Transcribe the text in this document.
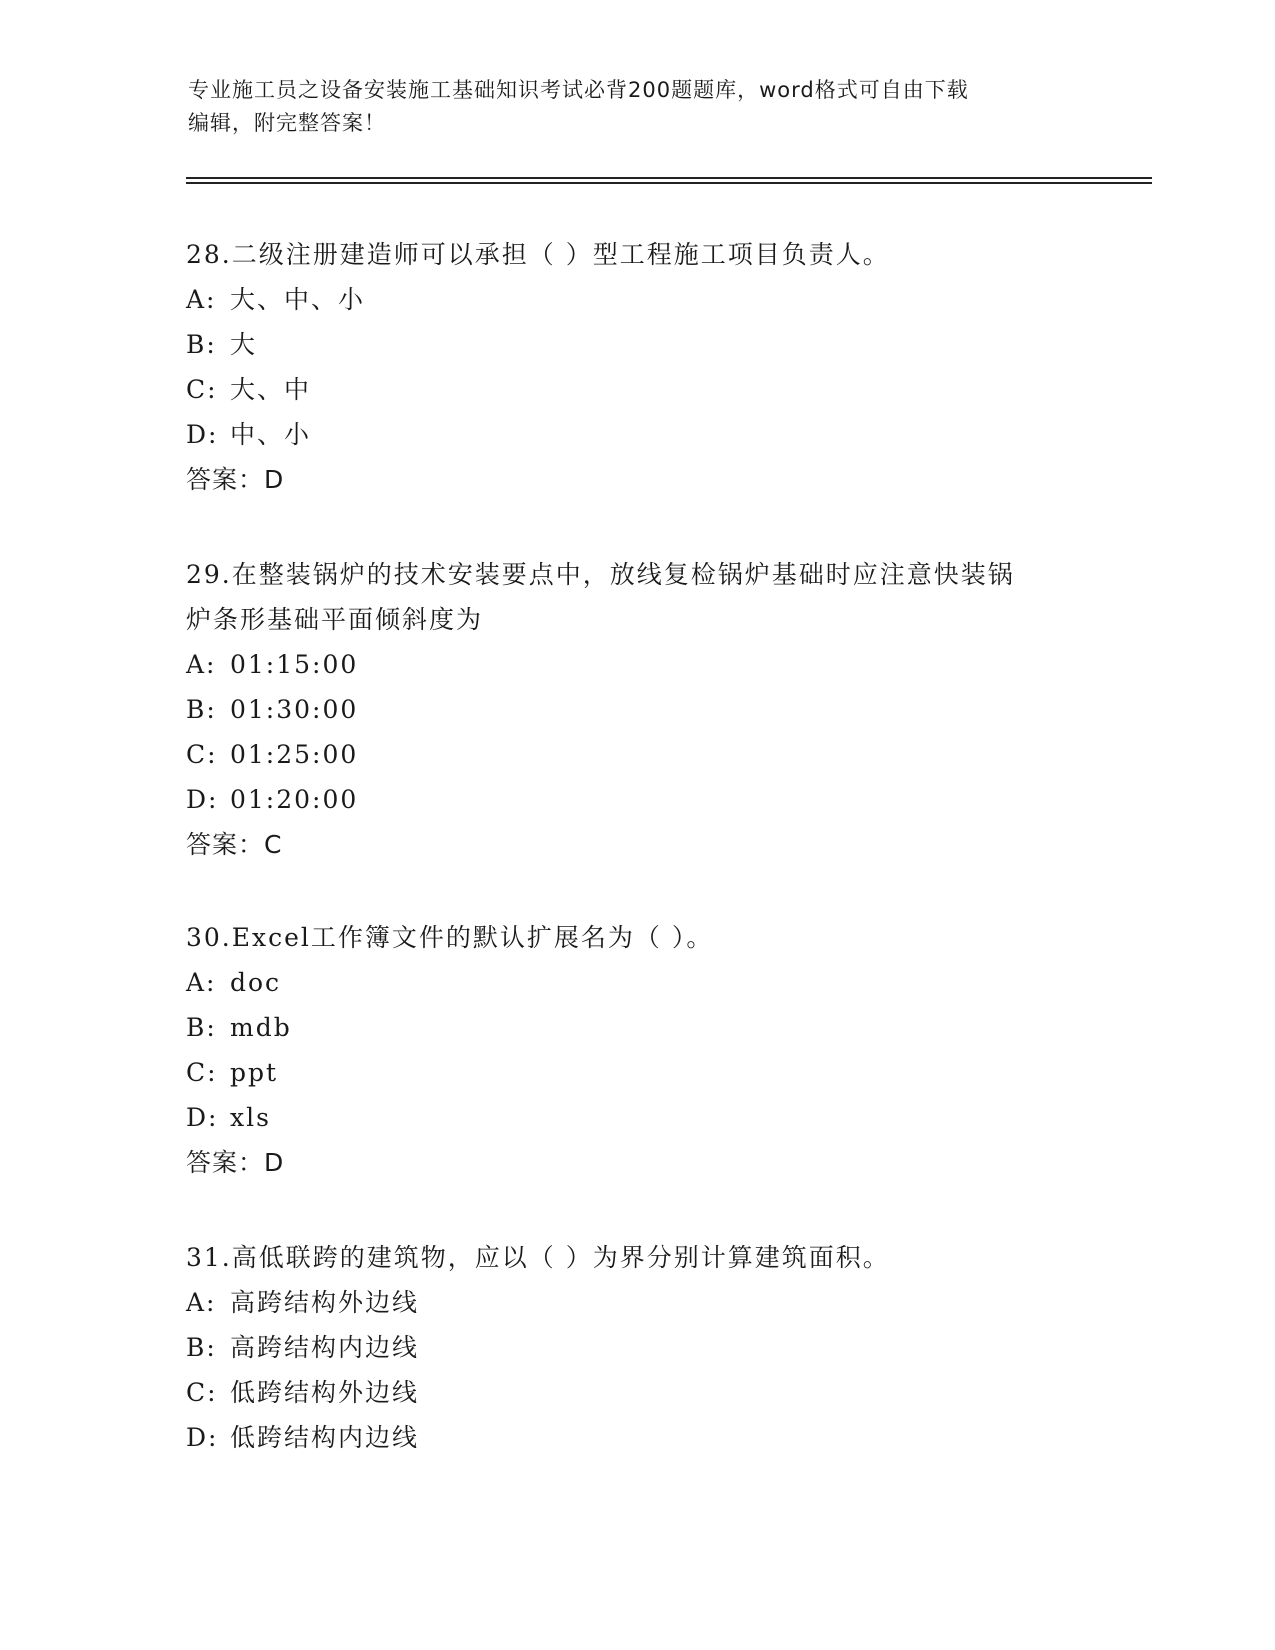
专业施工员之设备安装施工基础知识考试必背200题题库，word格式可自由下载
编辑，附完整答案！
28.二级注册建造师可以承担（ ）型工程施工项目负责人。
A: 大、中、小
B: 大
C: 大、中
D: 中、小
答案：D
29.在整装锅炉的技术安装要点中，放线复检锅炉基础时应注意快装锅
炉条形基础平面倾斜度为
A: 01:15:00
B: 01:30:00
C: 01:25:00
D: 01:20:00
答案：C
30.Excel工作簿文件的默认扩展名为（ ）。
A: doc
B: mdb
C: ppt
D: xls
答案：D
31.高低联跨的建筑物，应以（ ）为界分别计算建筑面积。
A: 高跨结构外边线
B: 高跨结构内边线
C: 低跨结构外边线
D: 低跨结构内边线
